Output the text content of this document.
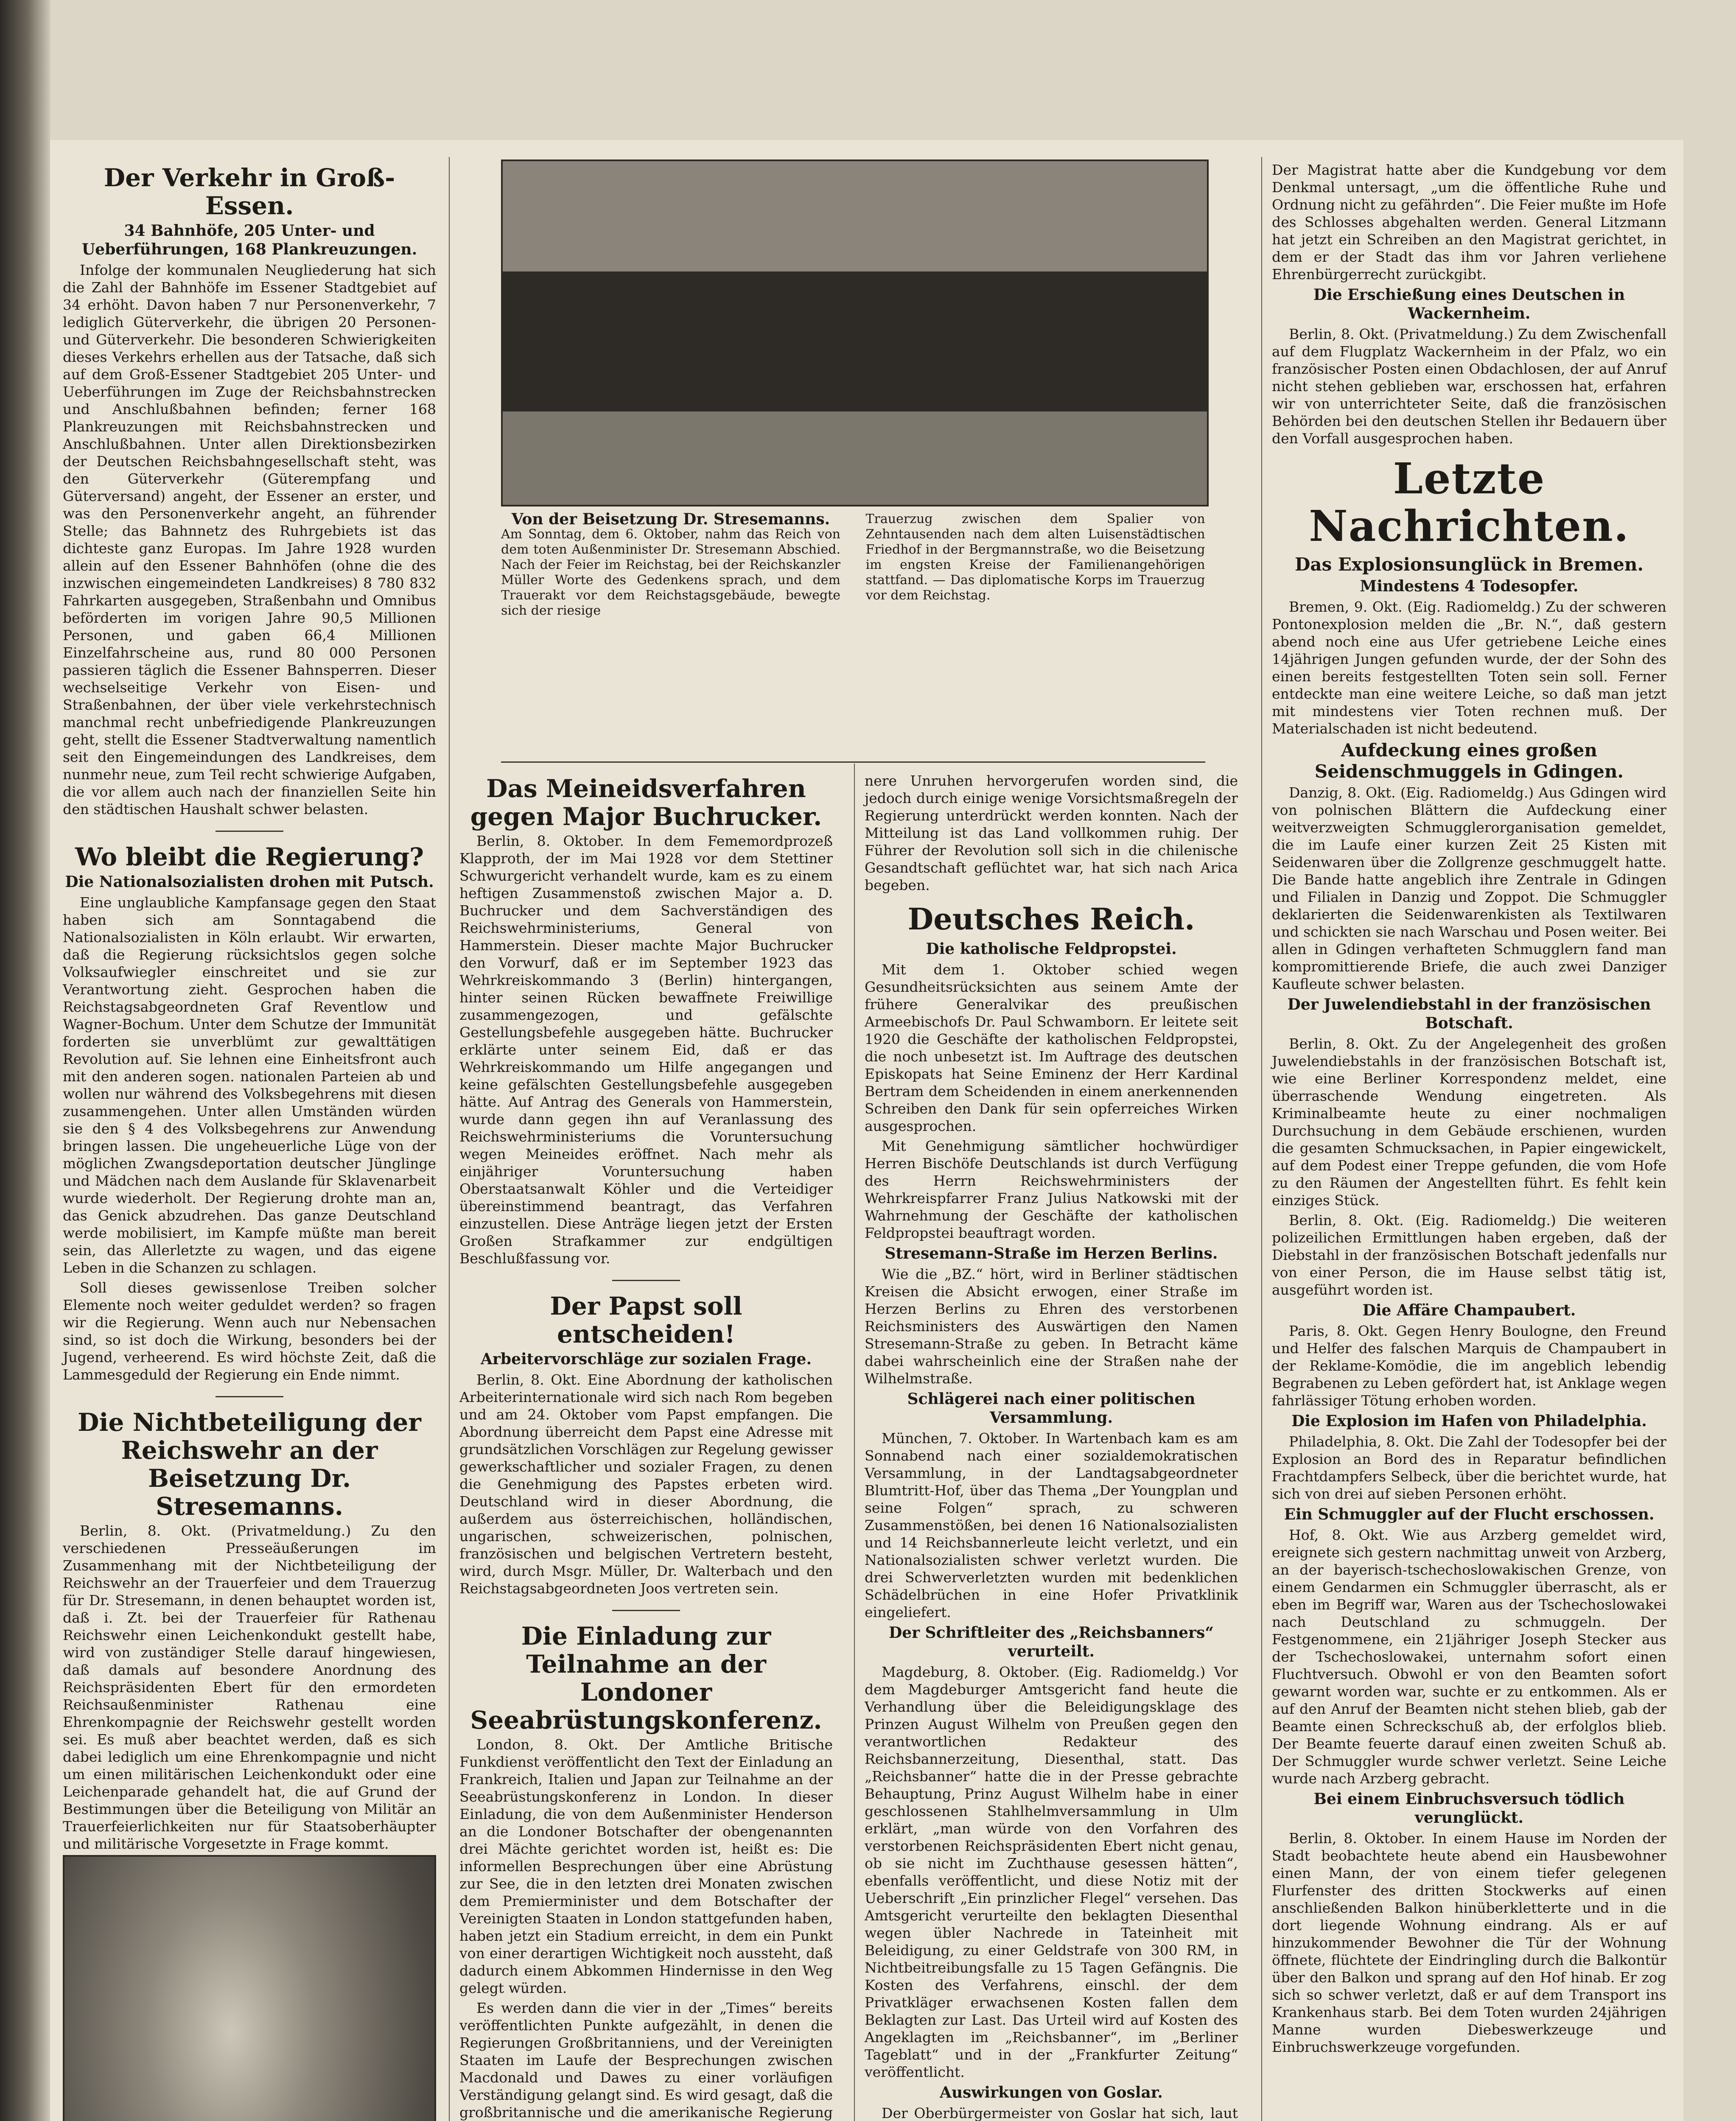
Der Verkehr in Groß-Essen.
34 Bahnhöfe, 205 Unter- und Ueberführungen, 168 Plankreuzungen.

Infolge der kommunalen Neugliederung hat sich die Zahl der Bahnhöfe im Essener Stadtgebiet auf 34 erhöht. Davon haben 7 nur Personenverkehr, 7 lediglich Güterverkehr, die übrigen 20 Personen- und Güterverkehr. Die besonderen Schwierigkeiten dieses Verkehrs erhellen aus der Tatsache, daß sich auf dem Groß-Essener Stadtgebiet 205 Unter- und Ueberführungen im Zuge der Reichsbahnstrecken und Anschlußbahnen befinden; ferner 168 Plankreuzungen mit Reichsbahnstrecken und Anschlußbahnen. Unter allen Direktionsbezirken der Deutschen Reichsbahngesellschaft steht, was den Güterverkehr (Güterempfang und Güterversand) angeht, der Essener an erster, und was den Personenverkehr angeht, an führender Stelle; das Bahnnetz des Ruhrgebiets ist das dichteste ganz Europas. Im Jahre 1928 wurden allein auf den Essener Bahnhöfen (ohne die des inzwischen eingemeindeten Landkreises) 8 780 832 Fahrkarten ausgegeben, Straßenbahn und Omnibus beförderten im vorigen Jahre 90,5 Millionen Personen, und gaben 66,4 Millionen Einzelfahrscheine aus, rund 80 000 Personen passieren täglich die Essener Bahnsperren. Dieser wechselseitige Verkehr von Eisen- und Straßenbahnen, der über viele verkehrstechnisch manchmal recht unbefriedigende Plankreuzungen geht, stellt die Essener Stadtverwaltung namentlich seit den Eingemeindungen des Landkreises, dem nunmehr neue, zum Teil recht schwierige Aufgaben, die vor allem auch nach der finanziellen Seite hin den städtischen Haushalt schwer belasten.

Wo bleibt die Regierung?
Die Nationalsozialisten drohen mit Putsch.

Eine unglaubliche Kampfansage gegen den Staat haben sich am Sonntagabend die Nationalsozialisten in Köln erlaubt. Wir erwarten, daß die Regierung rücksichtslos gegen solche Volksaufwiegler einschreitet und sie zur Verantwortung zieht. Gesprochen haben die Reichstagsabgeordneten Graf Reventlow und Wagner-Bochum. Unter dem Schutze der Immunität forderten sie unverblümt zur gewalttätigen Revolution auf. Sie lehnen eine Einheitsfront auch mit den anderen sogen. nationalen Parteien ab und wollen nur während des Volksbegehrens mit diesen zusammengehen. Unter allen Umständen würden sie den § 4 des Volksbegehrens zur Anwendung bringen lassen. Die ungeheuerliche Lüge von der möglichen Zwangsdeportation deutscher Jünglinge und Mädchen nach dem Auslande für Sklavenarbeit wurde wiederholt. Der Regierung drohte man an, das Genick abzudrehen. Das ganze Deutschland werde mobilisiert, im Kampfe müßte man bereit sein, das Allerletzte zu wagen, und das eigene Leben in die Schanzen zu schlagen.

Soll dieses gewissenlose Treiben solcher Elemente noch weiter geduldet werden? so fragen wir die Regierung. Wenn auch nur Nebensachen sind, so ist doch die Wirkung, besonders bei der Jugend, verheerend. Es wird höchste Zeit, daß die Lammesgeduld der Regierung ein Ende nimmt.

Die Nichtbeteiligung der Reichswehr an der Beisetzung Dr. Stresemanns.

Berlin, 8. Okt. (Privatmeldung.) Zu den verschiedenen Presseäußerungen im Zusammenhang mit der Nichtbeteiligung der Reichswehr an der Trauerfeier und dem Trauerzug für Dr. Stresemann, in denen behauptet worden ist, daß i. Zt. bei der Trauerfeier für Rathenau Reichswehr einen Leichenkondukt gestellt habe, wird von zuständiger Stelle darauf hingewiesen, daß damals auf besondere Anordnung des Reichspräsidenten Ebert für den ermordeten Reichsaußenminister Rathenau eine Ehrenkompagnie der Reichswehr gestellt worden sei. Es muß aber beachtet werden, daß es sich dabei lediglich um eine Ehrenkompagnie und nicht um einen militärischen Leichenkondukt oder eine Leichenparade gehandelt hat, die auf Grund der Bestimmungen über die Beteiligung von Militär an Trauerfeierlichkeiten nur für Staatsoberhäupter und militärische Vorgesetzte in Frage kommt.

Von der Beisetzung Dr. Stresemanns.
Am Sonntag, dem 6. Oktober, nahm das Reich von dem toten Außenminister Dr. Stresemann Abschied. Nach der Feier im Reichstag, bei der Reichskanzler Müller Worte des Gedenkens sprach, und dem Trauerakt vor dem Reichstagsgebäude, bewegte sich der riesige Trauerzug zwischen dem Spalier von Zehntausenden nach dem alten Luisenstädtischen Friedhof in der Bergmannstraße, wo die Beisetzung im engsten Kreise der Familienangehörigen stattfand. — Das diplomatische Korps im Trauerzug vor dem Reichstag.
Das Meineidsverfahren gegen Major Buchrucker.

Berlin, 8. Oktober. In dem Fememordprozeß Klapproth, der im Mai 1928 vor dem Stettiner Schwurgericht verhandelt wurde, kam es zu einem heftigen Zusammenstoß zwischen Major a. D. Buchrucker und dem Sachverständigen des Reichswehrministeriums, General von Hammerstein. Dieser machte Major Buchrucker den Vorwurf, daß er im September 1923 das Wehrkreiskommando 3 (Berlin) hintergangen, hinter seinen Rücken bewaffnete Freiwillige zusammengezogen, und gefälschte Gestellungsbefehle ausgegeben hätte. Buchrucker erklärte unter seinem Eid, daß er das Wehrkreiskommando um Hilfe angegangen und keine gefälschten Gestellungsbefehle ausgegeben hätte. Auf Antrag des Generals von Hammerstein, wurde dann gegen ihn auf Veranlassung des Reichswehrministeriums die Voruntersuchung wegen Meineides eröffnet. Nach mehr als einjähriger Voruntersuchung haben Oberstaatsanwalt Köhler und die Verteidiger übereinstimmend beantragt, das Verfahren einzustellen. Diese Anträge liegen jetzt der Ersten Großen Strafkammer zur endgültigen Beschlußfassung vor.

Der Papst soll entscheiden!
Arbeitervorschläge zur sozialen Frage.

Berlin, 8. Okt. Eine Abordnung der katholischen Arbeiterinternationale wird sich nach Rom begeben und am 24. Oktober vom Papst empfangen. Die Abordnung überreicht dem Papst eine Adresse mit grundsätzlichen Vorschlägen zur Regelung gewisser gewerkschaftlicher und sozialer Fragen, zu denen die Genehmigung des Papstes erbeten wird. Deutschland wird in dieser Abordnung, die außerdem aus österreichischen, holländischen, ungarischen, schweizerischen, polnischen, französischen und belgischen Vertretern besteht, wird, durch Msgr. Müller, Dr. Walterbach und den Reichstagsabgeordneten Joos vertreten sein.

Die Einladung zur Teilnahme an der Londoner Seeabrüstungskonferenz.

London, 8. Okt. Der Amtliche Britische Funkdienst veröffentlicht den Text der Einladung an Frankreich, Italien und Japan zur Teilnahme an der Seeabrüstungskonferenz in London. In dieser Einladung, die von dem Außenminister Henderson an die Londoner Botschafter der obengenannten drei Mächte gerichtet worden ist, heißt es: Die informellen Besprechungen über eine Abrüstung zur See, die in den letzten drei Monaten zwischen dem Premierminister und dem Botschafter der Vereinigten Staaten in London stattgefunden haben, haben jetzt ein Stadium erreicht, in dem ein Punkt von einer derartigen Wichtigkeit noch aussteht, daß dadurch einem Abkommen Hindernisse in den Weg gelegt würden.

Es werden dann die vier in der „Times“ bereits veröffentlichten Punkte aufgezählt, in denen die Regierungen Großbritanniens, und der Vereinigten Staaten im Laufe der Besprechungen zwischen Macdonald und Dawes zu einer vorläufigen Verständigung gelangt sind. Es wird gesagt, daß die großbritannische und die amerikanische Regierung

nere Unruhen hervorgerufen worden sind, die jedoch durch einige wenige Vorsichtsmaßregeln der Regierung unterdrückt werden konnten. Nach der Mitteilung ist das Land vollkommen ruhig. Der Führer der Revolution soll sich in die chilenische Gesandtschaft geflüchtet war, hat sich nach Arica begeben.

Deutsches Reich.
Die katholische Feldpropstei.

Mit dem 1. Oktober schied wegen Gesundheitsrücksichten aus seinem Amte der frühere Generalvikar des preußischen Armeebischofs Dr. Paul Schwamborn. Er leitete seit 1920 die Geschäfte der katholischen Feldpropstei, die noch unbesetzt ist. Im Auftrage des deutschen Episkopats hat Seine Eminenz der Herr Kardinal Bertram dem Scheidenden in einem anerkennenden Schreiben den Dank für sein opferreiches Wirken ausgesprochen.

Mit Genehmigung sämtlicher hochwürdiger Herren Bischöfe Deutschlands ist durch Verfügung des Herrn Reichswehrministers der Wehrkreispfarrer Franz Julius Natkowski mit der Wahrnehmung der Geschäfte der katholischen Feldpropstei beauftragt worden.

Stresemann-Straße im Herzen Berlins.

Wie die „BZ.“ hört, wird in Berliner städtischen Kreisen die Absicht erwogen, einer Straße im Herzen Berlins zu Ehren des verstorbenen Reichsministers des Auswärtigen den Namen Stresemann-Straße zu geben. In Betracht käme dabei wahrscheinlich eine der Straßen nahe der Wilhelmstraße.

Schlägerei nach einer politischen Versammlung.

München, 7. Oktober. In Wartenbach kam es am Sonnabend nach einer sozialdemokratischen Versammlung, in der Landtagsabgeordneter Blumtritt-Hof, über das Thema „Der Youngplan und seine Folgen“ sprach, zu schweren Zusammenstößen, bei denen 16 Nationalsozialisten und 14 Reichsbannerleute leicht verletzt, und ein Nationalsozialisten schwer verletzt wurden. Die drei Schwerverletzten wurden mit bedenklichen Schädelbrüchen in eine Hofer Privatklinik eingeliefert.

Der Schriftleiter des „Reichsbanners“ verurteilt.

Magdeburg, 8. Oktober. (Eig. Radiomeldg.) Vor dem Magdeburger Amtsgericht fand heute die Verhandlung über die Beleidigungsklage des Prinzen August Wilhelm von Preußen gegen den verantwortlichen Redakteur des Reichsbannerzeitung, Diesenthal, statt. Das „Reichsbanner“ hatte die in der Presse gebrachte Behauptung, Prinz August Wilhelm habe in einer geschlossenen Stahlhelmversammlung in Ulm erklärt, „man würde von den Vorfahren des verstorbenen Reichspräsidenten Ebert nicht genau, ob sie nicht im Zuchthause gesessen hätten“, ebenfalls veröffentlicht, und diese Notiz mit der Ueberschrift „Ein prinzlicher Flegel“ versehen. Das Amtsgericht verurteilte den beklagten Diesenthal wegen übler Nachrede in Tateinheit mit Beleidigung, zu einer Geldstrafe von 300 RM, in Nichtbeitreibungsfalle zu 15 Tagen Gefängnis. Die Kosten des Verfahrens, einschl. der dem Privatkläger erwachsenen Kosten fallen dem Beklagten zur Last. Das Urteil wird auf Kosten des Angeklagten im „Reichsbanner“, im „Berliner Tageblatt“ und in der „Frankfurter Zeitung“ veröffentlicht.

Auswirkungen von Goslar.

Der Oberbürgermeister von Goslar hat sich, laut

Der Magistrat hatte aber die Kundgebung vor dem Denkmal untersagt, „um die öffentliche Ruhe und Ordnung nicht zu gefährden“. Die Feier mußte im Hofe des Schlosses abgehalten werden. General Litzmann hat jetzt ein Schreiben an den Magistrat gerichtet, in dem er der Stadt das ihm vor Jahren verliehene Ehrenbürgerrecht zurückgibt.

Die Erschießung eines Deutschen in Wackernheim.

Berlin, 8. Okt. (Privatmeldung.) Zu dem Zwischenfall auf dem Flugplatz Wackernheim in der Pfalz, wo ein französischer Posten einen Obdachlosen, der auf Anruf nicht stehen geblieben war, erschossen hat, erfahren wir von unterrichteter Seite, daß die französischen Behörden bei den deutschen Stellen ihr Bedauern über den Vorfall ausgesprochen haben.

Letzte Nachrichten.
Das Explosionsunglück in Bremen.
Mindestens 4 Todesopfer.

Bremen, 9. Okt. (Eig. Radiomeldg.) Zu der schweren Pontonexplosion melden die „Br. N.“, daß gestern abend noch eine aus Ufer getriebene Leiche eines 14jährigen Jungen gefunden wurde, der der Sohn des einen bereits festgestellten Toten sein soll. Ferner entdeckte man eine weitere Leiche, so daß man jetzt mit mindestens vier Toten rechnen muß. Der Materialschaden ist nicht bedeutend.

Aufdeckung eines großen Seidenschmuggels in Gdingen.

Danzig, 8. Okt. (Eig. Radiomeldg.) Aus Gdingen wird von polnischen Blättern die Aufdeckung einer weitverzweigten Schmugglerorganisation gemeldet, die im Laufe einer kurzen Zeit 25 Kisten mit Seidenwaren über die Zollgrenze geschmuggelt hatte. Die Bande hatte angeblich ihre Zentrale in Gdingen und Filialen in Danzig und Zoppot. Die Schmuggler deklarierten die Seidenwarenkisten als Textilwaren und schickten sie nach Warschau und Posen weiter. Bei allen in Gdingen verhafteten Schmugglern fand man kompromittierende Briefe, die auch zwei Danziger Kaufleute schwer belasten.

Der Juwelendiebstahl in der französischen Botschaft.

Berlin, 8. Okt. Zu der Angelegenheit des großen Juwelendiebstahls in der französischen Botschaft ist, wie eine Berliner Korrespondenz meldet, eine überraschende Wendung eingetreten. Als Kriminalbeamte heute zu einer nochmaligen Durchsuchung in dem Gebäude erschienen, wurden die gesamten Schmucksachen, in Papier eingewickelt, auf dem Podest einer Treppe gefunden, die vom Hofe zu den Räumen der Angestellten führt. Es fehlt kein einziges Stück.

Berlin, 8. Okt. (Eig. Radiomeldg.) Die weiteren polizeilichen Ermittlungen haben ergeben, daß der Diebstahl in der französischen Botschaft jedenfalls nur von einer Person, die im Hause selbst tätig ist, ausgeführt worden ist.

Die Affäre Champaubert.

Paris, 8. Okt. Gegen Henry Boulogne, den Freund und Helfer des falschen Marquis de Champaubert in der Reklame-Komödie, die im angeblich lebendig Begrabenen zu Leben gefördert hat, ist Anklage wegen fahrlässiger Tötung erhoben worden.

Die Explosion im Hafen von Philadelphia.

Philadelphia, 8. Okt. Die Zahl der Todesopfer bei der Explosion an Bord des in Reparatur befindlichen Frachtdampfers Selbeck, über die berichtet wurde, hat sich von drei auf sieben Personen erhöht.

Ein Schmuggler auf der Flucht erschossen.

Hof, 8. Okt. Wie aus Arzberg gemeldet wird, ereignete sich gestern nachmittag unweit von Arzberg, an der bayerisch-tschechoslowakischen Grenze, von einem Gendarmen ein Schmuggler überrascht, als er eben im Begriff war, Waren aus der Tschechoslowakei nach Deutschland zu schmuggeln. Der Festgenommene, ein 21jähriger Joseph Stecker aus der Tschechoslowakei, unternahm sofort einen Fluchtversuch. Obwohl er von den Beamten sofort gewarnt worden war, suchte er zu entkommen. Als er auf den Anruf der Beamten nicht stehen blieb, gab der Beamte einen Schreckschuß ab, der erfolglos blieb. Der Beamte feuerte darauf einen zweiten Schuß ab. Der Schmuggler wurde schwer verletzt. Seine Leiche wurde nach Arzberg gebracht.

Bei einem Einbruchsversuch tödlich verunglückt.

Berlin, 8. Oktober. In einem Hause im Norden der Stadt beobachtete heute abend ein Hausbewohner einen Mann, der von einem tiefer gelegenen Flurfenster des dritten Stockwerks auf einen anschließenden Balkon hinüberkletterte und in die dort liegende Wohnung eindrang. Als er auf hinzukommender Bewohner die Tür der Wohnung öffnete, flüchtete der Eindringling durch die Balkontür über den Balkon und sprang auf den Hof hinab. Er zog sich so schwer verletzt, daß er auf dem Transport ins Krankenhaus starb. Bei dem Toten wurden 24jährigen Manne wurden Diebeswerkzeuge und Einbruchswerkzeuge vorgefunden.
